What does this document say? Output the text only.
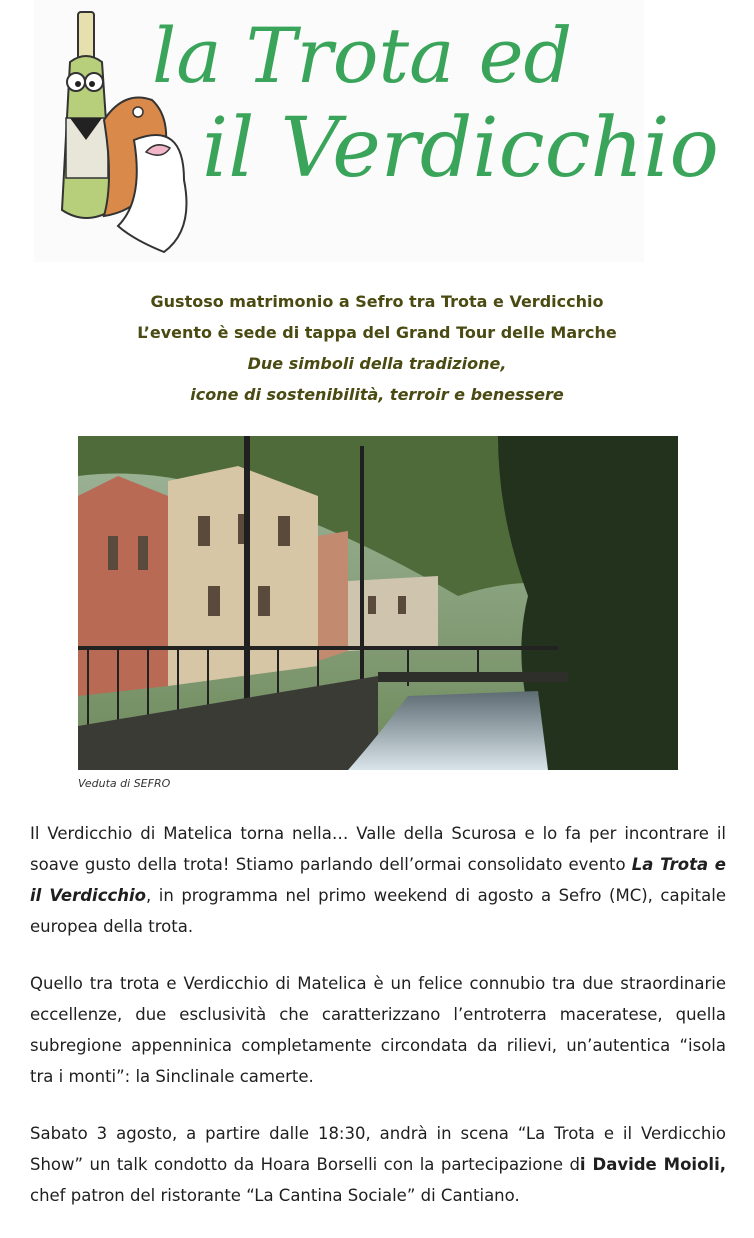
la Trota ed
il Verdicchio
Gustoso matrimonio a Sefro tra Trota e Verdicchio
L’evento è sede di tappa del Grand Tour delle Marche
Due simboli della tradizione,
icone di sostenibilità, terroir e benessere
Veduta di SEFRO

Il Verdicchio di Matelica torna nella… Valle della Scurosa e lo fa per incontrare il soave gusto della trota! Stiamo parlando dell’ormai consolidato evento La Trota e il Verdicchio, in programma nel primo weekend di agosto a Sefro (MC), capitale europea della trota.

Quello tra trota e Verdicchio di Matelica è un felice connubio tra due straordinarie eccellenze, due esclusività che caratterizzano l’entroterra maceratese, quella subregione appenninica completamente circondata da rilievi, un’autentica “isola tra i monti”: la Sinclinale camerte.

Sabato 3 agosto, a partire dalle 18:30, andrà in scena “La Trota e il Verdicchio Show” un talk condotto da Hoara Borselli con la partecipazione di Davide Moioli, chef patron del ristorante “La Cantina Sociale” di Cantiano.
